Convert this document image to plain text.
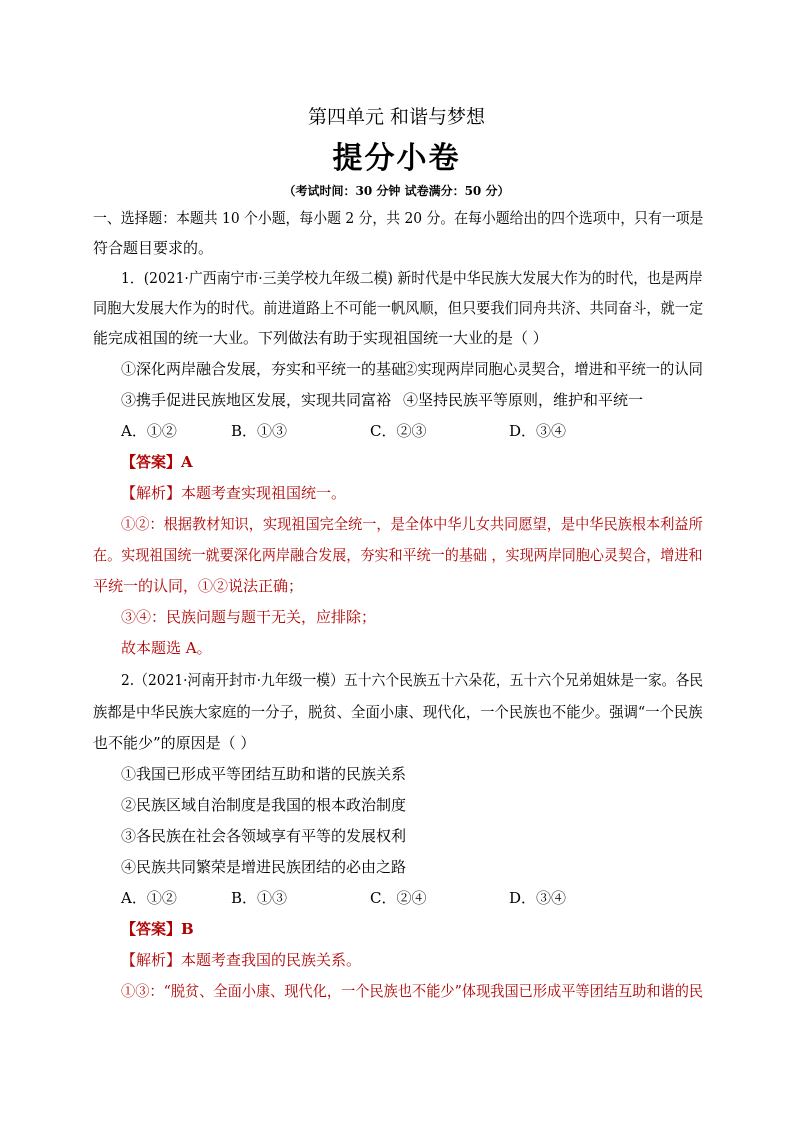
第四单元 和谐与梦想
提分小卷
（考试时间：30 分钟 试卷满分：50 分）
一、选择题：本题共 10 个小题，每小题 2 分，共 20 分。在每小题给出的四个选项中，只有一项是
符合题目要求的。
1．(2021·广西南宁市·三美学校九年级二模) 新时代是中华民族大发展大作为的时代，也是两岸
同胞大发展大作为的时代。前进道路上不可能一帆风顺，但只要我们同舟共济、共同奋斗，就一定
能完成祖国的统一大业。下列做法有助于实现祖国统一大业的是（ ）
①深化两岸融合发展，夯实和平统一的基础
②实现两岸同胞心灵契合，增进和平统一的认同
③携手促进民族地区发展，实现共同富裕 ④坚持民族平等原则，维护和平统一
A．①②	B．①③	C．②③	D．③④
【答案】A
【解析】本题考查实现祖国统一。
①②：根据教材知识，实现祖国完全统一，是全体中华儿女共同愿望，是中华民族根本利益所
在。实现祖国统一就要深化两岸融合发展，夯实和平统一的基础 ，实现两岸同胞心灵契合，增进和
平统一的认同，①②说法正确；
③④：民族问题与题干无关，应排除；
故本题选 A。
2.（2021·河南开封市·九年级一模）五十六个民族五十六朵花，五十六个兄弟姐妹是一家。各民
族都是中华民族大家庭的一分子，脱贫、全面小康、现代化，一个民族也不能少。强调“一个民族
也不能少”的原因是（ ）
①我国已形成平等团结互助和谐的民族关系
②民族区域自治制度是我国的根本政治制度
③各民族在社会各领域享有平等的发展权利
④民族共同繁荣是增进民族团结的必由之路
A．①②	B．①③	C．②④	D．③④
【答案】B
【解析】本题考查我国的民族关系。
①③：“脱贫、全面小康、现代化，一个民族也不能少”体现我国已形成平等团结互助和谐的民
